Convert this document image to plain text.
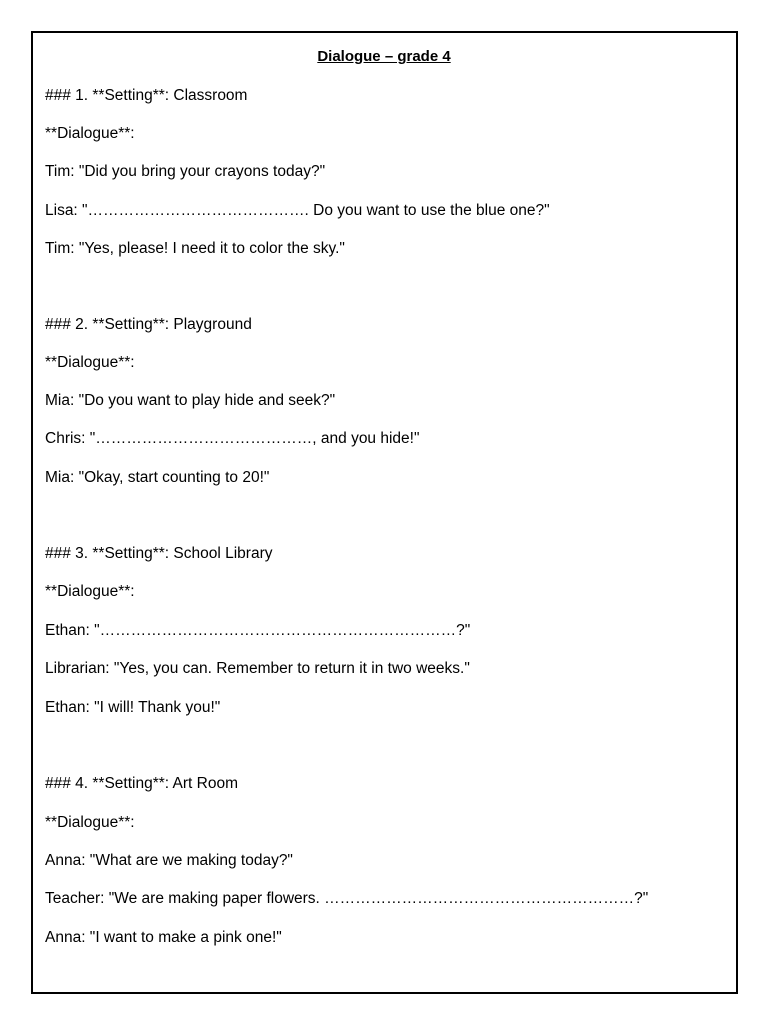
Dialogue – grade 4
### 1. **Setting**: Classroom
**Dialogue**:
Tim: "Did you bring your crayons today?"
Lisa: "……………………………………. Do you want to use the blue one?"
Tim: "Yes, please! I need it to color the sky."
### 2. **Setting**: Playground
**Dialogue**:
Mia: "Do you want to play hide and seek?"
Chris: "……………………………………, and you hide!"
Mia: "Okay, start counting to 20!"
### 3. **Setting**: School Library
**Dialogue**:
Ethan: "……………………………………………………………?"
Librarian: "Yes, you can. Remember to return it in two weeks."
Ethan: "I will! Thank you!"
### 4. **Setting**: Art Room
**Dialogue**:
Anna: "What are we making today?"
Teacher: "We are making paper flowers. ……………………………………………………?"
Anna: "I want to make a pink one!"
